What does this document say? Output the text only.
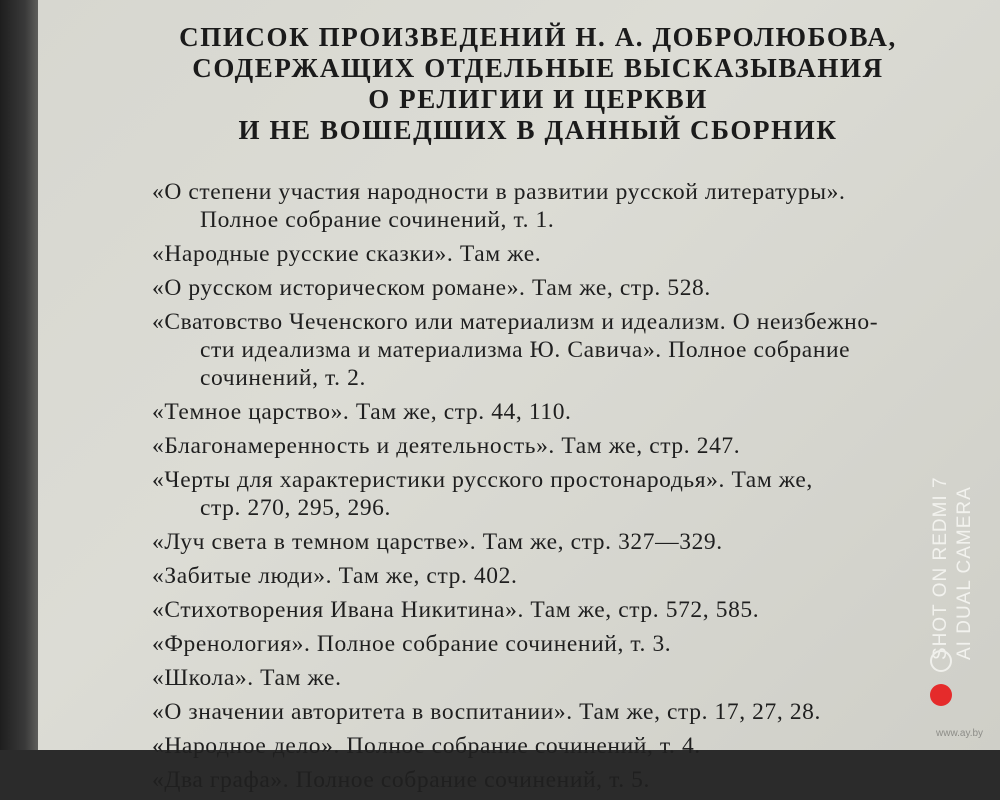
СПИСОК ПРОИЗВЕДЕНИЙ Н. А. ДОБРОЛЮБОВА,
СОДЕРЖАЩИХ ОТДЕЛЬНЫЕ ВЫСКАЗЫВАНИЯ
О РЕЛИГИИ И ЦЕРКВИ
И НЕ ВОШЕДШИХ В ДАННЫЙ СБОРНИК
«О степени участия народности в развитии русской литературы».
Полное собрание сочинений, т. 1.
«Народные русские сказки». Там же.
«О русском историческом романе». Там же, стр. 528.
«Сватовство Чеченского или материализм и идеализм. О неизбежно-
сти идеализма и материализма Ю. Савича». Полное собрание
сочинений, т. 2.
«Темное царство». Там же, стр. 44, 110.
«Благонамеренность и деятельность». Там же, стр. 247.
«Черты для характеристики русского простонародья». Там же,
стр. 270, 295, 296.
«Луч света в темном царстве». Там же, стр. 327—329.
«Забитые люди». Там же, стр. 402.
«Стихотворения Ивана Никитина». Там же, стр. 572, 585.
«Френология». Полное собрание сочинений, т. 3.
«Школа». Там же.
«О значении авторитета в воспитании». Там же, стр. 17, 27, 28.
«Народное дело». Полное собрание сочинений, т. 4.
«Два графа». Полное собрание сочинений, т. 5.
SHOT ON REDMI 7 AI DUAL CAMERA
www.ay.by
